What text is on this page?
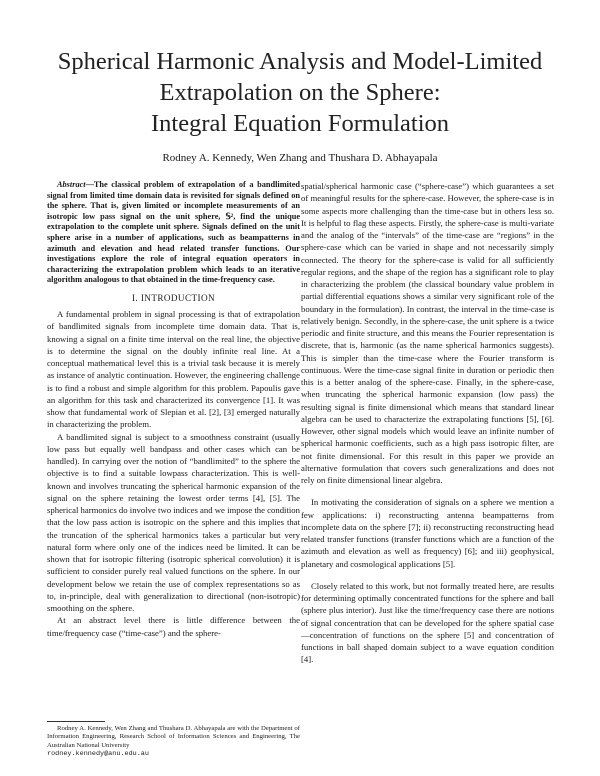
Spherical Harmonic Analysis and Model-Limited
Extrapolation on the Sphere:
Integral Equation Formulation
Rodney A. Kennedy, Wen Zhang and Thushara D. Abhayapala

Abstract—The classical problem of extrapolation of a bandlimited signal from limited time domain data is revisited for signals defined on the sphere. That is, given limited or incomplete measurements of an isotropic low pass signal on the unit sphere, 𝕊², find the unique extrapolation to the complete unit sphere. Signals defined on the unit sphere arise in a number of applications, such as beampatterns in azimuth and elevation and head related transfer functions. Our investigations explore the role of integral equation operators in characterizing the extrapolation problem which leads to an iterative algorithm analogous to that obtained in the time-frequency case.

I. INTRODUCTION

A fundamental problem in signal processing is that of extrapolation of bandlimited signals from incomplete time domain data. That is, knowing a signal on a finite time interval on the real line, the objective is to determine the signal on the doubly infinite real line. At a conceptual mathematical level this is a trivial task because it is merely as instance of analytic continuation. However, the engineering challenge is to find a robust and simple algorithm for this problem. Papoulis gave an algorithm for this task and characterized its convergence [1]. It was show that fundamental work of Slepian et al. [2], [3] emerged naturally in characterizing the problem.

A bandlimited signal is subject to a smoothness constraint (usually low pass but equally well bandpass and other cases which can be handled). In carrying over the notion of “bandlimited” to the sphere the objective is to find a suitable lowpass characterization. This is well-known and involves truncating the spherical harmonic expansion of the signal on the sphere retaining the lowest order terms [4], [5]. The spherical harmonics do involve two indices and we impose the condition that the low pass action is isotropic on the sphere and this implies that the truncation of the spherical harmonics takes a particular but very natural form where only one of the indices need be limited. It can be shown that for isotropic filtering (isotropic spherical convolution) it is sufficient to consider purely real valued functions on the sphere. In our development below we retain the use of complex representations so as to, in-principle, deal with generalization to directional (non-isotropic) smoothing on the sphere.

At an abstract level there is little difference between the time/frequency case (“time-case”) and the sphere-

Rodney A. Kennedy, Wen Zhang and Thushara D. Abhayapala are with the Department of Information Engineering, Research School of Information Sciences and Engineering, The Australian National University

rodney.kennedy@anu.edu.au

spatial/spherical harmonic case (“sphere-case”) which guarantees a set of meaningful results for the sphere-case. However, the sphere-case is in some aspects more challenging than the time-case but in others less so. It is helpful to flag these aspects. Firstly, the sphere-case is multi-variate and the analog of the “intervals” of the time-case are “regions” in the sphere-case which can be varied in shape and not necessarily simply connected. The theory for the sphere-case is valid for all sufficiently regular regions, and the shape of the region has a significant role to play in characterizing the problem (the classical boundary value problem in partial differential equations shows a similar very significant role of the boundary in the formulation). In contrast, the interval in the time-case is relatively benign. Secondly, in the sphere-case, the unit sphere is a twice periodic and finite structure, and this means the Fourier representation is discrete, that is, harmonic (as the name spherical harmonics suggests). This is simpler than the time-case where the Fourier transform is continuous. Were the time-case signal finite in duration or periodic then this is a better analog of the sphere-case. Finally, in the sphere-case, when truncating the spherical harmonic expansion (low pass) the resulting signal is finite dimensional which means that standard linear algebra can be used to characterize the extrapolating functions [5], [6]. However, other signal models which would leave an infinite number of spherical harmonic coefficients, such as a high pass isotropic filter, are not finite dimensional. For this result in this paper we provide an alternative formulation that covers such generalizations and does not rely on finite dimensional linear algebra.

In motivating the consideration of signals on a sphere we mention a few applications: i) reconstructing antenna beampatterns from incomplete data on the sphere [7]; ii) reconstructing reconstructing head related transfer functions (transfer functions which are a function of the azimuth and elevation as well as frequency) [6]; and iii) geophysical, planetary and cosmological applications [5].

Closely related to this work, but not formally treated here, are results for determining optimally concentrated functions for the sphere and ball (sphere plus interior). Just like the time/frequency case there are notions of signal concentration that can be developed for the sphere spatial case—concentration of functions on the sphere [5] and concentration of functions in ball shaped domain subject to a wave equation condition [4].
